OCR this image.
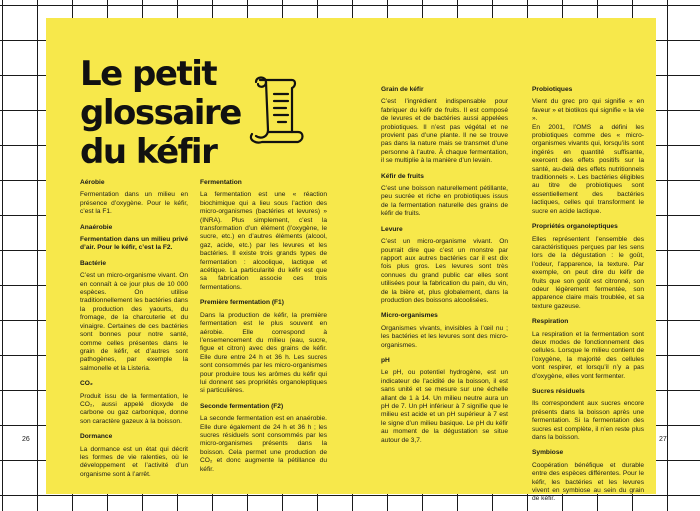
Le petit
glossaire
du kéfir
Aérobie

Fermentation dans un milieu en présence d’oxygène. Pour le kéfir, c’est la F1.

Anaérobie

Fermentation dans un milieu privé d’air. Pour le kéfir, c’est la F2.

Bactérie

C’est un micro-organisme vivant. On en connaît à ce jour plus de 10 000 espèces. On utilise traditionnellement les bactéries dans la production des yaourts, du fromage, de la charcuterie et du vinaigre. Certaines de ces bactéries sont bonnes pour notre santé, comme celles présentes dans le grain de kéfir, et d’autres sont pathogènes, par exemple la salmonelle et la Listeria.

CO₂

Produit issu de la fermentation, le CO₂, aussi appelé dioxyde de carbone ou gaz carbonique, donne son caractère gazeux à la boisson.

Dormance

La dormance est un état qui décrit les formes de vie ralenties, où le développement et l’activité d’un organisme sont à l’arrêt.

Fermentation

La fermentation est une « réaction biochimique qui a lieu sous l’action des micro-organismes (bactéries et levures) » (INRA). Plus simplement, c’est la transformation d’un élément (l’oxygène, le sucre, etc.) en d’autres éléments (alcool, gaz, acide, etc.) par les levures et les bactéries. Il existe trois grands types de fermentation : alcoolique, lactique et acétique. La particularité du kéfir est que sa fabrication associe ces trois fermentations.

Première fermentation (F1)

Dans la production de kéfir, la première fermentation est le plus souvent en aérobie. Elle correspond à l’ensemencement du milieu (eau, sucre, figue et citron) avec des grains de kéfir. Elle dure entre 24 h et 36 h. Les sucres sont consommés par les micro-organismes pour produire tous les arômes du kéfir qui lui donnent ses propriétés organoleptiques si particulières.

Seconde fermentation (F2)

La seconde fermentation est en anaérobie. Elle dure également de 24 h et 36 h ; les sucres résiduels sont consommés par les micro-organismes présents dans la boisson. Cela permet une production de CO₂ et donc augmente la pétillance du kéfir.

Grain de kéfir

C’est l’ingrédient indispensable pour fabriquer du kéfir de fruits. Il est composé de levures et de bactéries aussi appelées probiotiques. Il n’est pas végétal et ne provient pas d’une plante. Il ne se trouve pas dans la nature mais se transmet d’une personne à l’autre. À chaque fermentation, il se multiplie à la manière d’un levain.

Kéfir de fruits

C’est une boisson naturellement pétillante, peu sucrée et riche en probiotiques issus de la fermentation naturelle des grains de kéfir de fruits.

Levure

C’est un micro-organisme vivant. On pourrait dire que c’est un monstre par rapport aux autres bactéries car il est dix fois plus gros. Les levures sont très connues du grand public car elles sont utilisées pour la fabrication du pain, du vin, de la bière et, plus globalement, dans la production des boissons alcoolisées.

Micro-organismes

Organismes vivants, invisibles à l’œil nu ; les bactéries et les levures sont des micro-organismes.

pH

Le pH, ou potentiel hydrogène, est un indicateur de l’acidité de la boisson, il est sans unité et se mesure sur une échelle allant de 1 à 14. Un milieu neutre aura un pH de 7. Un pH inférieur à 7 signifie que le milieu est acide et un pH supérieur à 7 est le signe d’un milieu basique. Le pH du kéfir au moment de la dégustation se situe autour de 3,7.

Probiotiques

Vient du grec pro qui signifie « en faveur » et biotikos qui signifie « la vie ».
En 2001, l’OMS a défini les probiotiques comme des « micro-organismes vivants qui, lorsqu’ils sont ingérés en quantité suffisante, exercent des effets positifs sur la santé, au-delà des effets nutritionnels traditionnels ». Les bactéries éligibles au titre de probiotiques sont essentiellement des bactéries lactiques, celles qui transforment le sucre en acide lactique.

Propriétés organoleptiques

Elles représentent l’ensemble des caractéristiques perçues par les sens lors de la dégustation : le goût, l’odeur, l’apparence, la texture. Par exemple, on peut dire du kéfir de fruits que son goût est citronné, son odeur légèrement fermentée, son apparence claire mais troublée, et sa texture gazeuse.

Respiration

La respiration et la fermentation sont deux modes de fonctionnement des cellules. Lorsque le milieu contient de l’oxygène, la majorité des cellules vont respirer, et lorsqu’il n’y a pas d’oxygène, elles vont fermenter.

Sucres résiduels

Ils correspondent aux sucres encore présents dans la boisson après une fermentation. Si la fermentation des sucres est complète, il n’en reste plus dans la boisson.

Symbiose

Coopération bénéfique et durable entre des espèces différentes. Pour le kéfir, les bactéries et les levures vivent en symbiose au sein du grain de kéfir.

26	27
